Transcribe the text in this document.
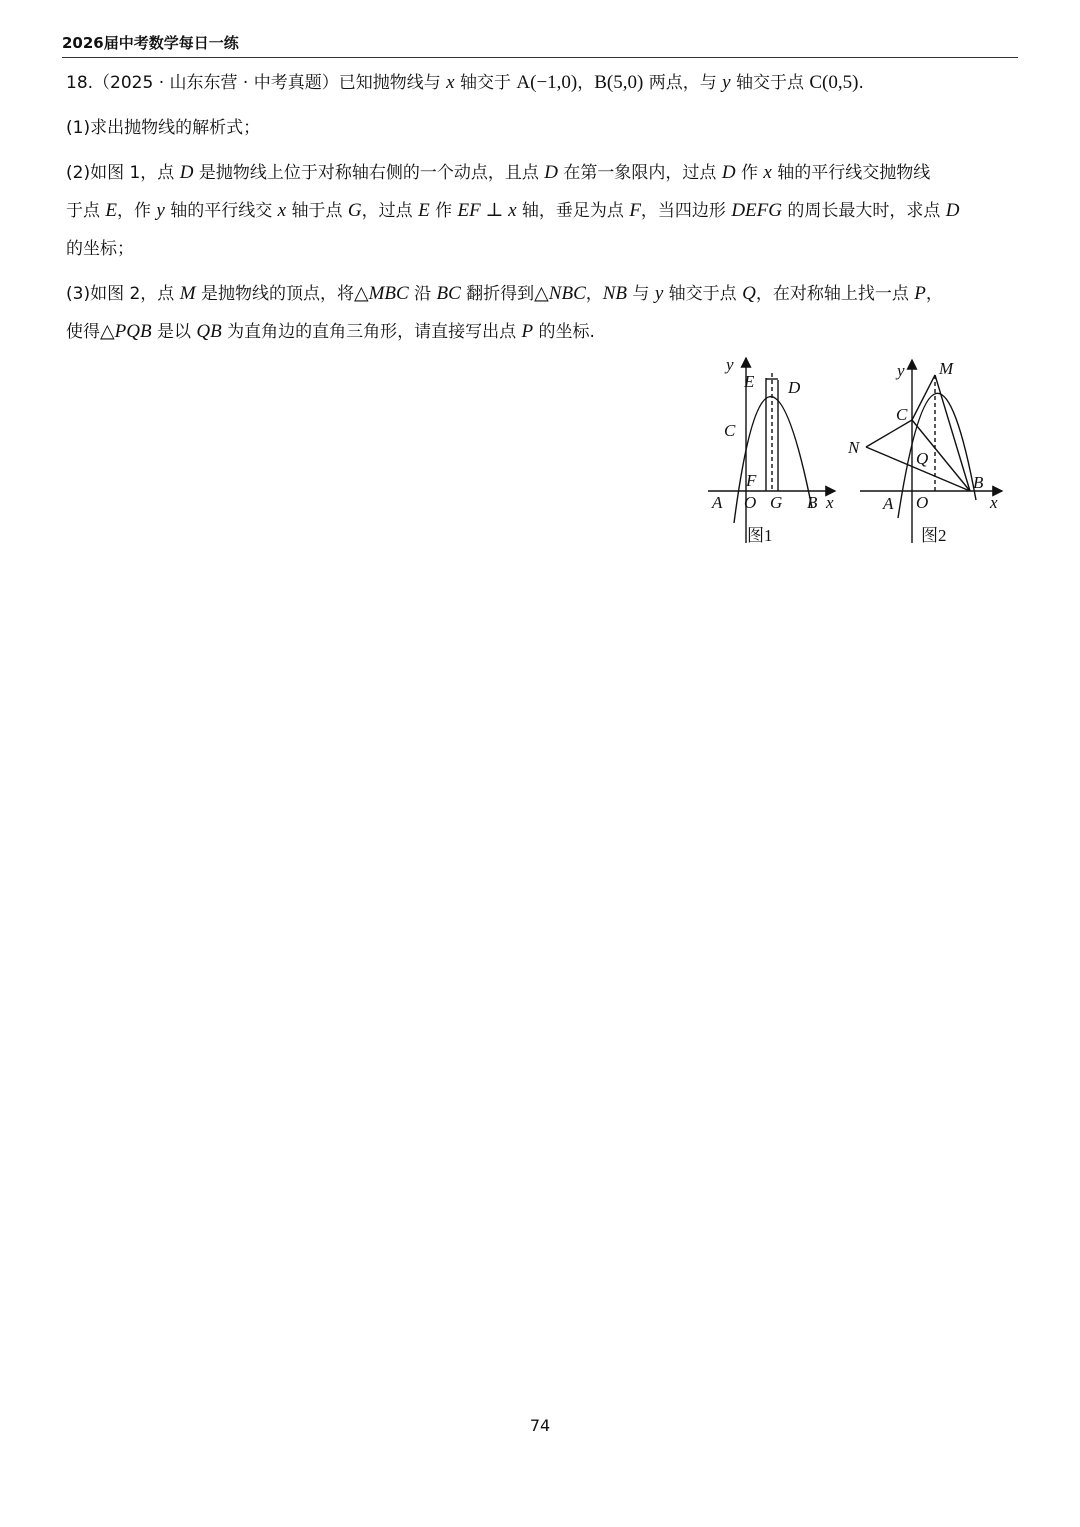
2026届中考数学每日一练
18.（2025 · 山东东营 · 中考真题）已知抛物线与 x 轴交于 A(−1,0)，B(5,0) 两点，与 y 轴交于点 C(0,5).
(1)求出抛物线的解析式；
(2)如图 1，点 D 是抛物线上位于对称轴右侧的一个动点，且点 D 在第一象限内，过点 D 作 x 轴的平行线交抛物线
于点 E，作 y 轴的平行线交 x 轴于点 G，过点 E 作 EF ⊥ x 轴，垂足为点 F，当四边形 DEFG 的周长最大时，求点 D
的坐标；
(3)如图 2，点 M 是抛物线的顶点，将△MBC 沿 BC 翻折得到△NBC，NB 与 y 轴交于点 Q，在对称轴上找一点 P，
使得△PQB 是以 QB 为直角边的直角三角形，请直接写出点 P 的坐标.
y
E D
C
F
A O G B x
图1
y M
C
N
Q
B
A O	x
图2
74
